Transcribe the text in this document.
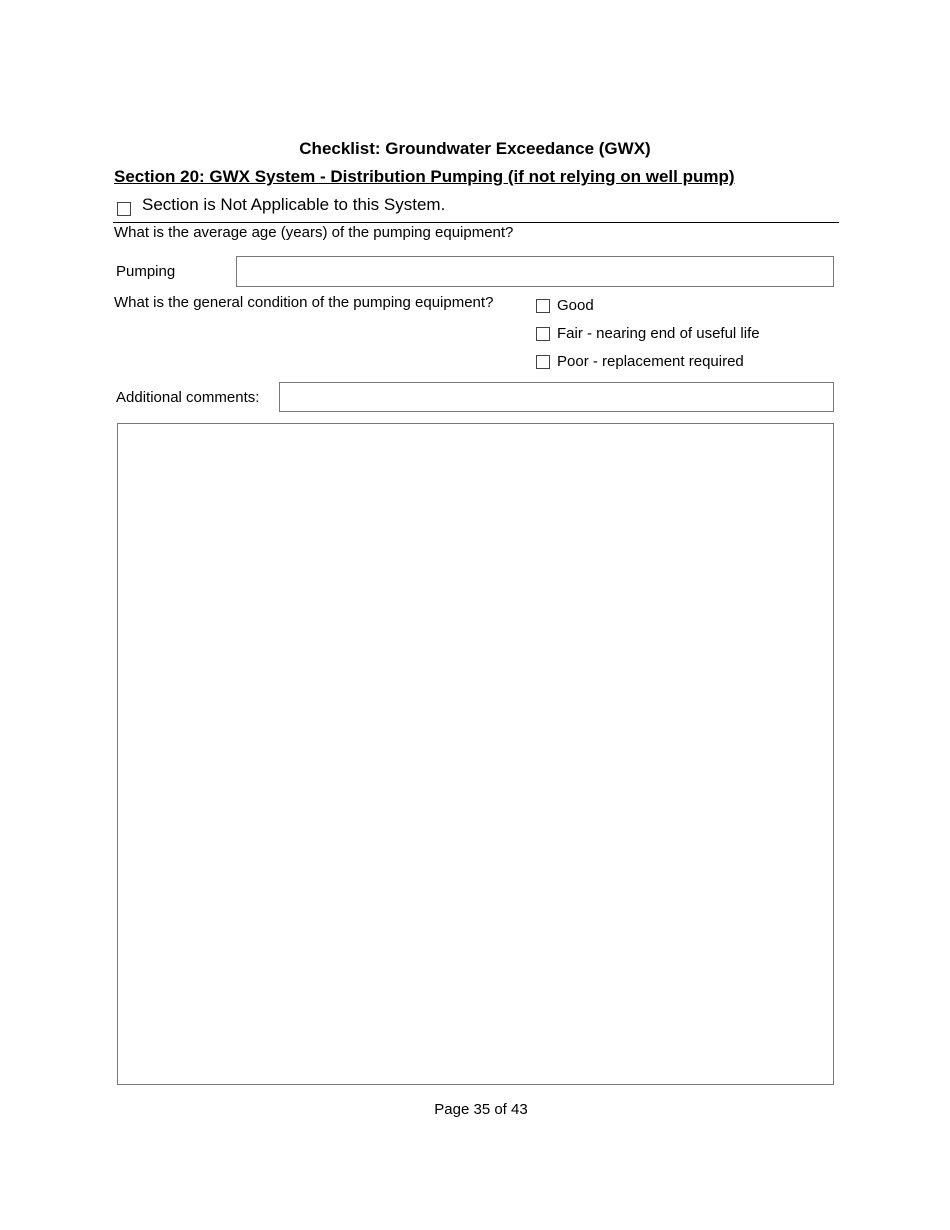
Checklist: Groundwater Exceedance (GWX)
Section 20: GWX System - Distribution Pumping (if not relying on well pump)
Section is Not Applicable to this System.
What is the average age (years) of the pumping equipment?
Pumping
What is the general condition of the pumping equipment?	Good
Fair - nearing end of useful life
Poor - replacement required
Additional comments:
Page 35 of 43
